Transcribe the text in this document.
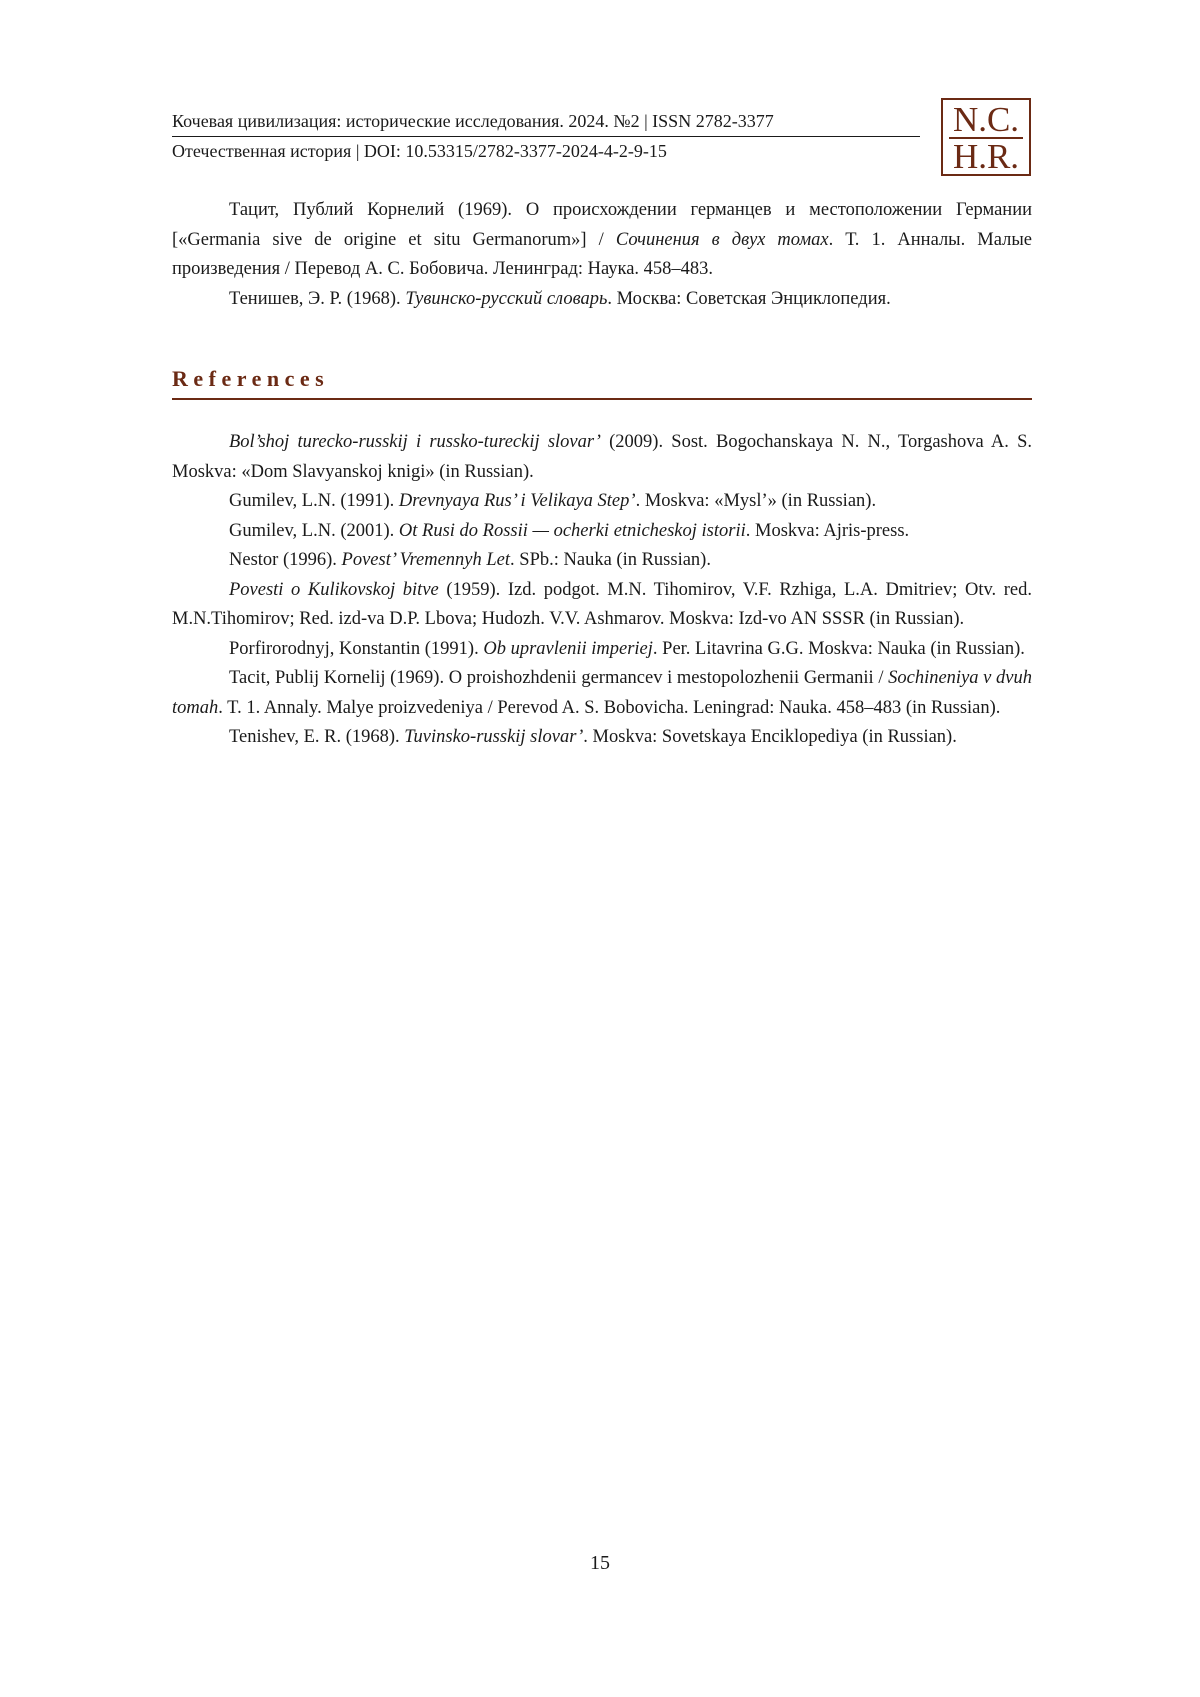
Кочевая цивилизация: исторические исследования. 2024. №2 | ISSN 2782-3377
Отечественная история | DOI: 10.53315/2782-3377-2024-4-2-9-15
N.C.
H.R.

Тацит, Публий Корнелий (1969). О происхождении германцев и местоположении Германии [«Germania sive de origine et situ Germanorum»] / Сочинения в двух томах. Т. 1. Анналы. Малые произведения / Перевод А. С. Бобовича. Ленинград: Наука. 458–483.

Тенишев, Э. Р. (1968). Тувинско-русский словарь. Москва: Советская Энциклопедия.

References

Bol’shoj turecko-russkij i russko-tureckij slovar’ (2009). Sost. Bogochanskaya N. N., Torgashova A. S. Moskva: «Dom Slavyanskoj knigi» (in Russian).

Gumilev, L.N. (1991). Drevnyaya Rus’ i Velikaya Step’. Moskva: «Mysl’» (in Russian).

Gumilev, L.N. (2001). Ot Rusi do Rossii — ocherki etnicheskoj istorii. Moskva: Ajris-press.

Nestor (1996). Povest’ Vremennyh Let. SPb.: Nauka (in Russian).

Povesti o Kulikovskoj bitve (1959). Izd. podgot. M.N. Tihomirov, V.F. Rzhiga, L.A. Dmitriev; Otv. red. M.N.Tihomirov; Red. izd-va D.P. Lbova; Hudozh. V.V. Ashmarov. Moskva: Izd-vo AN SSSR (in Russian).

Porfirorodnyj, Konstantin (1991). Ob upravlenii imperiej. Per. Litavrina G.G. Moskva: Nauka (in Russian).

Tacit, Publij Kornelij (1969). O proishozhdenii germancev i mestopolozhenii Germanii / Sochineniya v dvuh tomah. T. 1. Annaly. Malye proizvedeniya / Perevod A. S. Bobovicha. Leningrad: Nauka. 458–483 (in Russian).

Tenishev, E. R. (1968). Tuvinsko-russkij slovar’. Moskva: Sovetskaya Enciklopediya (in Russian).

15
